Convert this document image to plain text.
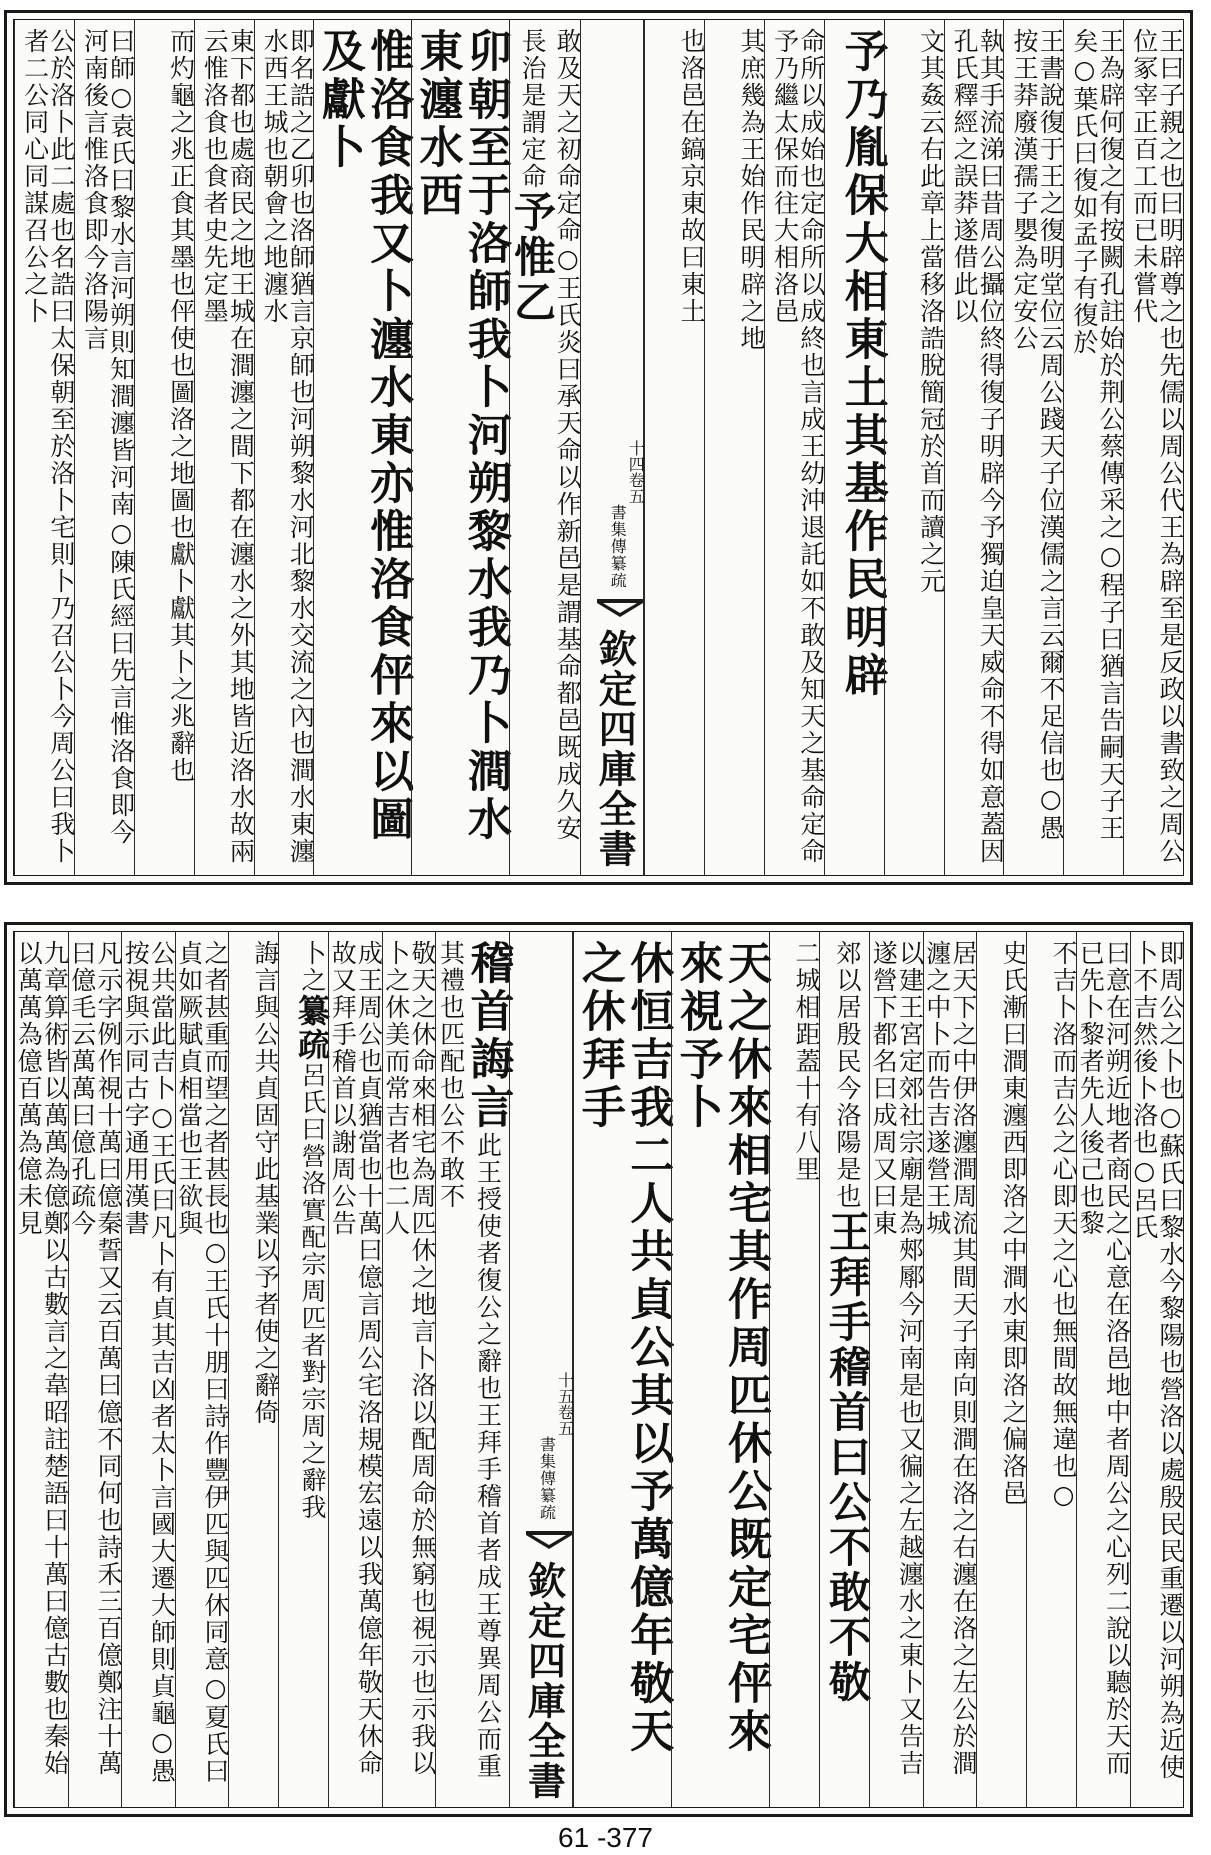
王曰子親之也曰明辟尊之也先儒以周公代王為辟至是反政以書致之周公位冢宰正百工而已未嘗代
王為辟何復之有按闕孔註始於荆公蔡傳采之○程子曰猶言告嗣天子王矣○葉氏曰復如孟子有復於
王書說復于王之復明堂位云周公踐天子位漢儒之言云爾不足信也○愚按王莽廢漢孺子嬰為定安公
執其手流涕曰昔周公攝位終得復子明辟今予獨迫皇天威命不得如意蓋因孔氏釋經之誤莽遂借此以
文其姦云右此章上當移洛誥脫簡冠於首而讀之元
予乃胤保大相東土其基作民明辟
命所以成始也定命所以成終也言成王幼沖退託如不敢及知天之基命定命予乃繼太保而往大相洛邑
其庶幾為王始作民明辟之地
也洛邑在鎬京東故曰東土
欽定四庫全書
書集傳纂疏
卷五
十四
敢及天之初命定命○王氏炎曰承天命以作新邑是謂基命都邑既成久安長治是謂定命予惟乙
卯朝至于洛師我卜河朔黎水我乃卜澗水東瀍水西
惟洛食我又卜瀍水東亦惟洛食伻來以圖及獻卜
即名誥之乙卯也洛師猶言京師也河朔黎水河北黎水交流之內也澗水東瀍水西王城也朝會之地瀍水
東下都也處商民之地王城在澗瀍之間下都在瀍水之外其地皆近洛水故兩云惟洛食也食者史先定墨
而灼龜之兆正食其墨也伻使也圖洛之地圖也獻卜獻其卜之兆辭也
曰師○袁氏曰黎水言河朔則知澗瀍皆河南○陳氏經曰先言惟洛食即今河南後言惟洛食即今洛陽言
公於洛卜此二處也名誥曰太保朝至於洛卜宅則卜乃召公卜今周公曰我卜者二公同心同謀召公之卜
即周公之卜也○蘇氏曰黎水今黎陽也營洛以處殷民民重遷以河朔為近使卜不吉然後卜洛也○呂氏
曰意在河朔近地者商民之心意在洛邑地中者周公之心列二說以聽於天而已先卜黎者先人後己也黎
不吉卜洛而吉公之心即天之心也無間故無違也○
史氏漸曰澗東瀍西即洛之中澗水東即洛之偏洛邑
居天下之中伊洛瀍澗周流其間天子南向則澗在洛之右瀍在洛之左公於澗瀍之中卜而告吉遂營王城
以建王宮定郊社宗廟是為郟鄏今河南是也又徧之左越瀍水之東卜又告吉遂營下都名曰成周又曰東
郊以居殷民今洛陽是也王拜手稽首曰公不敢不敬
二城相距蓋十有八里
天之休來相宅其作周匹休公既定宅伻來來視予卜
休恒吉我二人共貞公其以予萬億年敬天之休拜手
欽定四庫全書
書集傳纂疏
卷五
十五
稽首誨言此王授使者復公之辭也王拜手稽首者成王尊異周公而重其禮也匹配也公不敢不
敬天之休命來相宅為周匹休之地言卜洛以配周命於無窮也視示也示我以卜之休美而常吉者也二人
成王周公也貞猶當也十萬曰億言周公宅洛規模宏遠以我萬億年敬天休命故又拜手稽首以謝周公告
卜之纂疏呂氏曰營洛實配宗周匹者對宗周之辭我
誨言與公共貞固守此基業以予者使之辭倚
之者甚重而望之者甚長也○王氏十朋曰詩作豐伊匹與匹休同意○夏氏曰貞如厥賦貞相當也王欲與
公共當此吉卜○王氏曰凡卜有貞其吉凶者太卜言國大遷大師則貞龜○愚按視與示同古字通用漢書
凡示字例作視十萬曰億秦誓又云百萬曰億不同何也詩禾三百億鄭注十萬曰億毛云萬萬曰億孔疏今
九章算術皆以萬萬為億鄭以古數言之韋昭註楚語曰十萬曰億古數也秦始以萬萬為億百萬為億未見
61 -377
